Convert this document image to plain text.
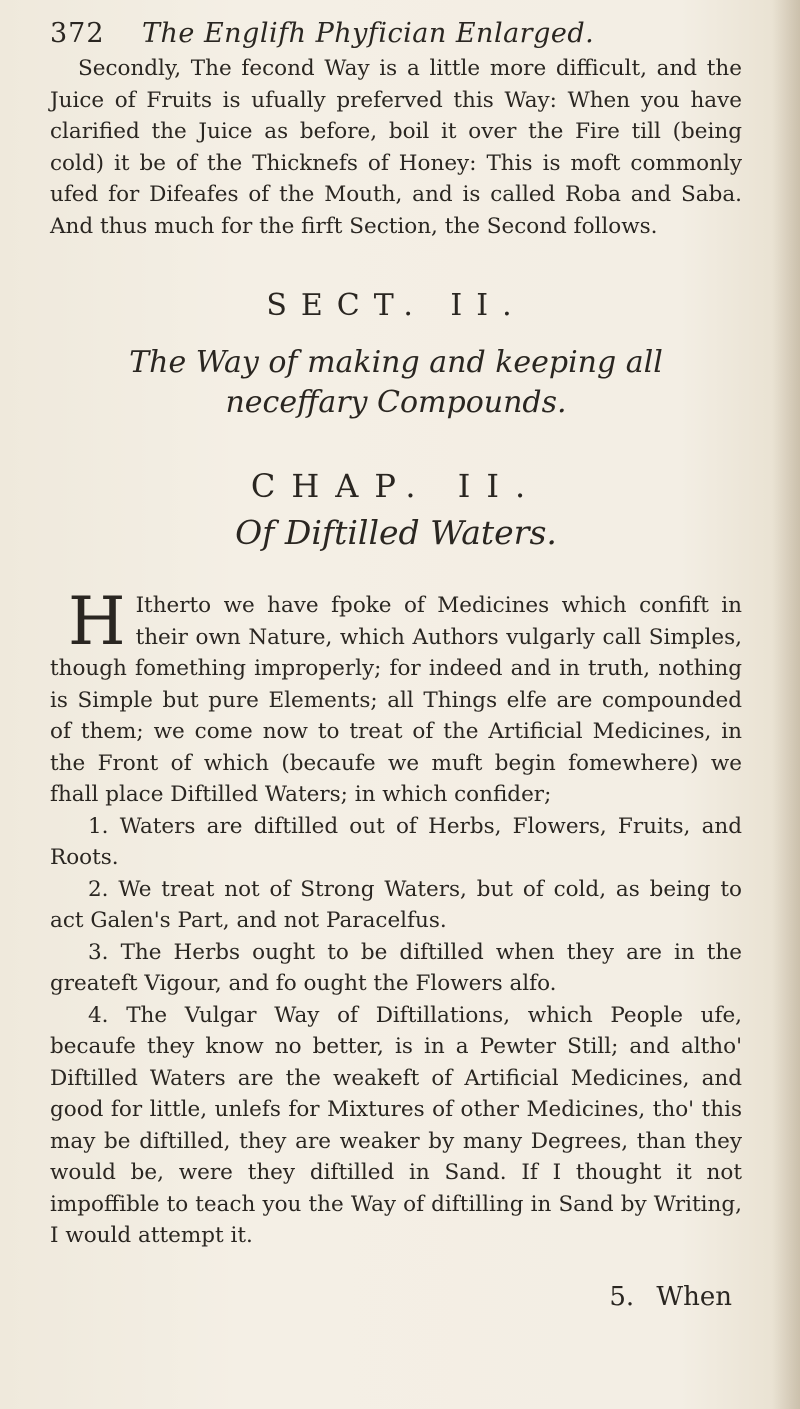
372	The Englifh Phyfician Enlarged.

Secondly, The fecond Way is a little more difficult, and the Juice of Fruits is ufually preferved this Way: When you have clarified the Juice as before, boil it over the Fire till (being cold) it be of the Thicknefs of Honey: This is moft commonly ufed for Difeafes of the Mouth, and is called Roba and Saba. And thus much for the firft Section, the Second follows.

SECT. II.
The Way of making and keeping all neceffary Compounds.
CHAP. II.
Of Diftilled Waters.

H Itherto we have fpoke of Medicines which confift in their own Nature, which Authors vulgarly call Simples, though fomething improperly; for indeed and in truth, nothing is Simple but pure Elements; all Things elfe are compounded of them; we come now to treat of the Artificial Medicines, in the Front of which (becaufe we muft begin fomewhere) we fhall place Diftilled Waters; in which confider;

1. Waters are diftilled out of Herbs, Flowers, Fruits, and Roots.

2. We treat not of Strong Waters, but of cold, as being to act Galen's Part, and not Paracelfus.

3. The Herbs ought to be diftilled when they are in the greateft Vigour, and fo ought the Flowers alfo.

4. The Vulgar Way of Diftillations, which People ufe, becaufe they know no better, is in a Pewter Still; and altho' Diftilled Waters are the weakeft of Artificial Medicines, and good for little, unlefs for Mixtures of other Medicines, tho' this may be diftilled, they are weaker by many Degrees, than they would be, were they diftilled in Sand. If I thought it not impoffible to teach you the Way of diftilling in Sand by Writing, I would attempt it.

5. When
